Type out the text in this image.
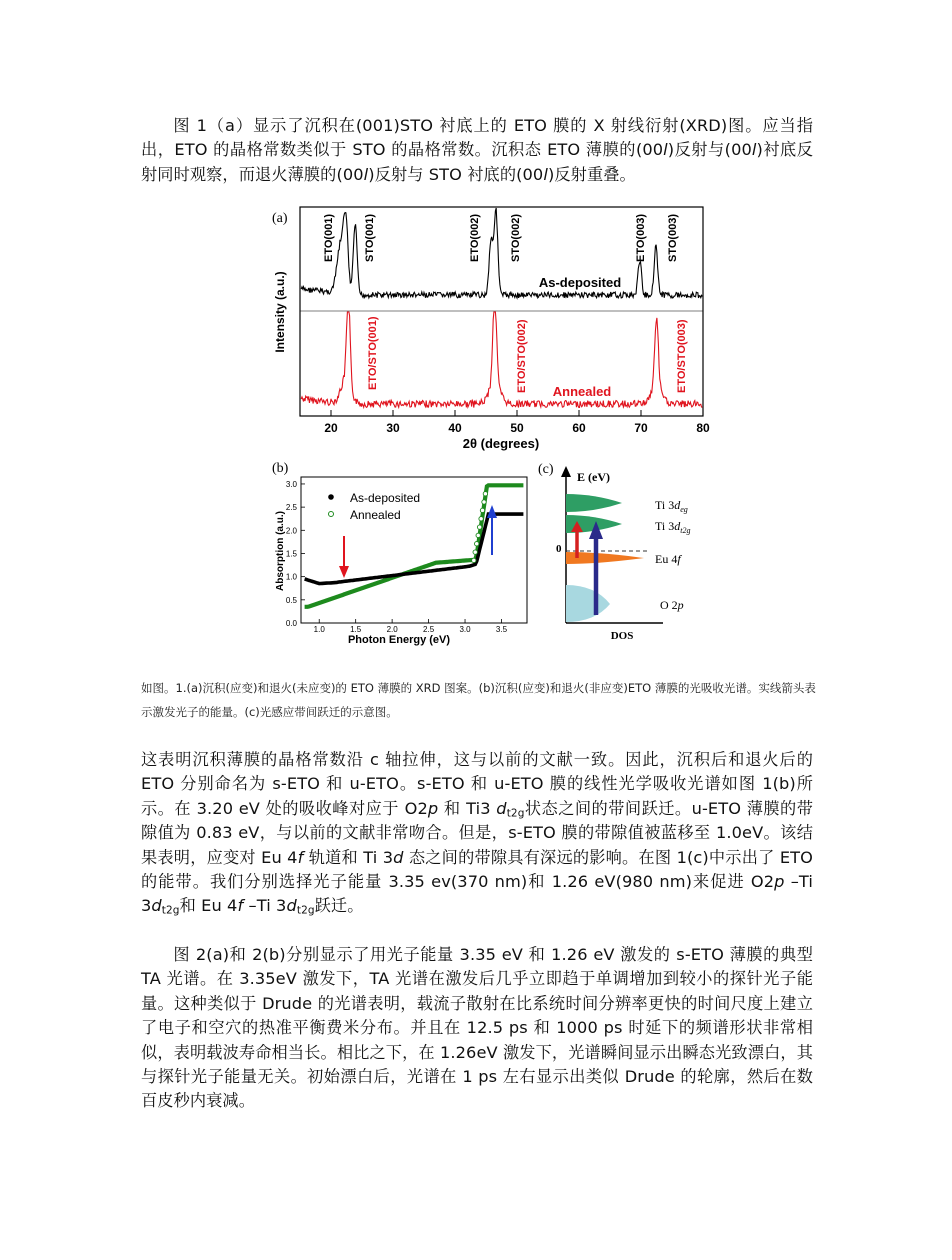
图 1（a）显示了沉积在(001)STO 衬底上的 ETO 膜的 X 射线衍射(XRD)图。应当指出，ETO 的晶格常数类似于 STO 的晶格常数。沉积态 ETO 薄膜的(00l)反射与(00l)衬底反射同时观察，而退火薄膜的(00l)反射与 STO 衬底的(00l)反射重叠。

(a)
20	30	40	50	60	70	80
Intensity (a.u.)
2θ (degrees)
As-deposited
Annealed
ETO(001)	STO(001)	ETO(002)	STO(002)	ETO(003) STO(003)
ETO/STO(001)	ETO/STO(002)	ETO/STO(003)
(b)
1.0	1.5	2.0	2.5	3.0	3.5
0.0
0.5
1.0
1.5
2.0
2.5
3.0
Absorption (a.u.)
Photon Energy (eV)
As-deposited
Annealed
(c) E (eV)
0
DOS
Ti $3d_{eg}$
Ti $3d_{t2g}$
Eu 4f
O 2p
如图。1.(a)沉积(应变)和退火(未应变)的 ETO 薄膜的 XRD 图案。(b)沉积(应变)和退火(非应变)ETO 薄膜的光吸收光谱。实线箭头表示激发光子的能量。(c)光感应带间跃迁的示意图。

这表明沉积薄膜的晶格常数沿 c 轴拉伸，这与以前的文献一致。因此，沉积后和退火后的 ETO 分别命名为 s-ETO 和 u-ETO。s-ETO 和 u-ETO 膜的线性光学吸收光谱如图 1(b)所示。在 3.20 eV 处的吸收峰对应于 O2p 和 Ti3 $d_{t2g}$状态之间的带间跃迁。u-ETO 薄膜的带隙值为 0.83 eV，与以前的文献非常吻合。但是，s-ETO 膜的带隙值被蓝移至 1.0eV。该结果表明，应变对 Eu 4f 轨道和 Ti 3d 态之间的带隙具有深远的影响。在图 1(c)中示出了 ETO 的能带。我们分别选择光子能量 3.35 ev(370 nm)和 1.26 eV(980 nm)来促进 O2p –Ti $3d_{t2g}$和 Eu 4f –Ti $3d_{t2g}$跃迁。

图 2(a)和 2(b)分别显示了用光子能量 3.35 eV 和 1.26 eV 激发的 s-ETO 薄膜的典型 TA 光谱。在 3.35eV 激发下，TA 光谱在激发后几乎立即趋于单调增加到较小的探针光子能量。这种类似于 Drude 的光谱表明，载流子散射在比系统时间分辨率更快的时间尺度上建立了电子和空穴的热准平衡费米分布。并且在 12.5 ps 和 1000 ps 时延下的频谱形状非常相似，表明载波寿命相当长。相比之下，在 1.26eV 激发下，光谱瞬间显示出瞬态光致漂白，其与探针光子能量无关。初始漂白后，光谱在 1 ps 左右显示出类似 Drude 的轮廓，然后在数百皮秒内衰减。
